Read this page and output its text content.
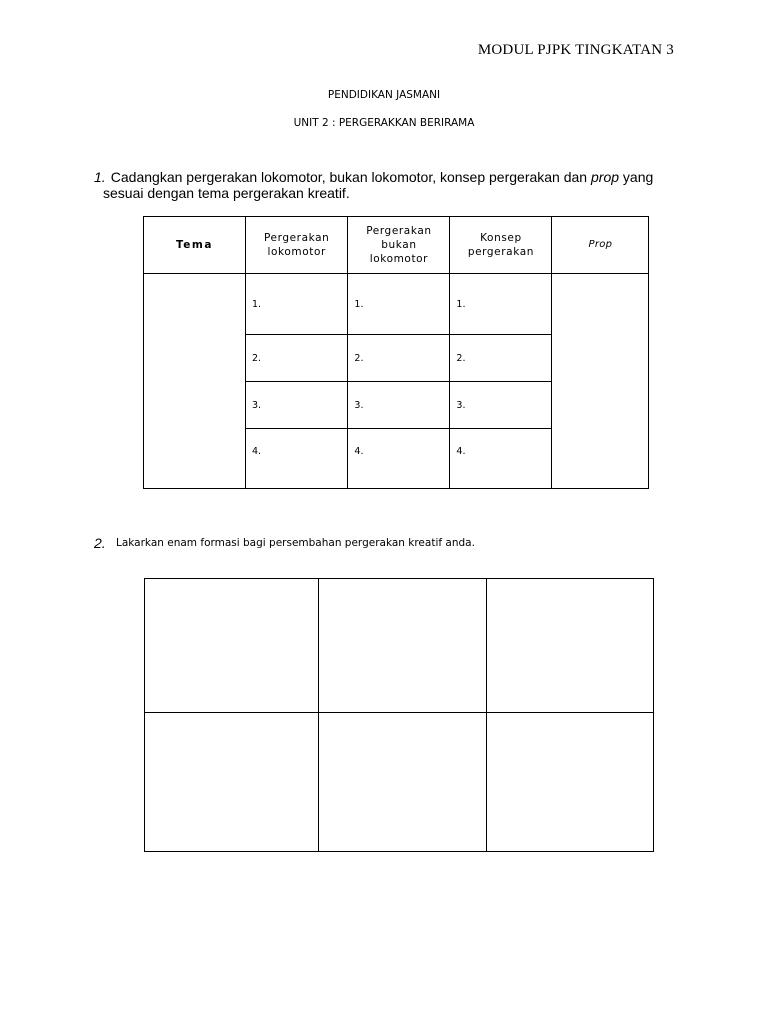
MODUL PJPK TINGKATAN 3
PENDIDIKAN JASMANI
UNIT 2 : PERGERAKKAN BERIRAMA
1. Cadangkan pergerakan lokomotor, bukan lokomotor, konsep pergerakan dan prop yang sesuai dengan tema pergerakan kreatif.
Tema	Pergerakan lokomotor	Pergerakan bukan lokomotor	Konsep pergerakan	Prop
	1.	1.	1.	
	2.	2.	2.	
	3.	3.	3.	
	4.	4.	4.	
2. Lakarkan enam formasi bagi persembahan pergerakan kreatif anda.
